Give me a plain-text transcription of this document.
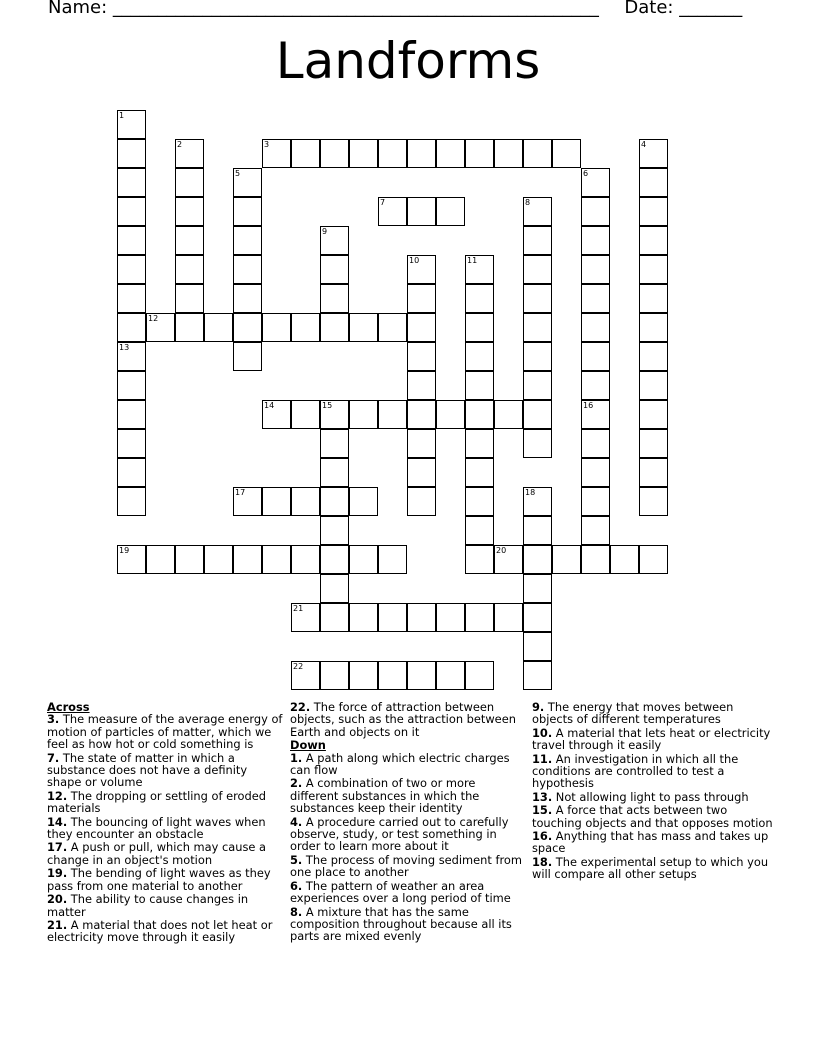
Name: ______________________________________________________ Date: _______
Landforms
1
2	3	4
5	6
7	8
9
10	11
12
13
14	15	16
17	18
19	20
21
22
Across
3. The measure of the average energy of motion of particles of matter, which we feel as how hot or cold something is
7. The state of matter in which a substance does not have a definity shape or volume
12. The dropping or settling of eroded materials
14. The bouncing of light waves when they encounter an obstacle
17. A push or pull, which may cause a change in an object's motion
19. The bending of light waves as they pass from one material to another
20. The ability to cause changes in matter
21. A material that does not let heat or electricity move through it easily
22. The force of attraction between objects, such as the attraction between Earth and objects on it
Down
1. A path along which electric charges can flow
2. A combination of two or more different substances in which the substances keep their identity
4. A procedure carried out to carefully observe, study, or test something in order to learn more about it
5. The process of moving sediment from one place to another
6. The pattern of weather an area experiences over a long period of time
8. A mixture that has the same composition throughout because all its parts are mixed evenly
9. The energy that moves between objects of different temperatures
10. A material that lets heat or electricity travel through it easily
11. An investigation in which all the conditions are controlled to test a hypothesis
13. Not allowing light to pass through
15. A force that acts between two touching objects and that opposes motion
16. Anything that has mass and takes up space
18. The experimental setup to which you will compare all other setups
